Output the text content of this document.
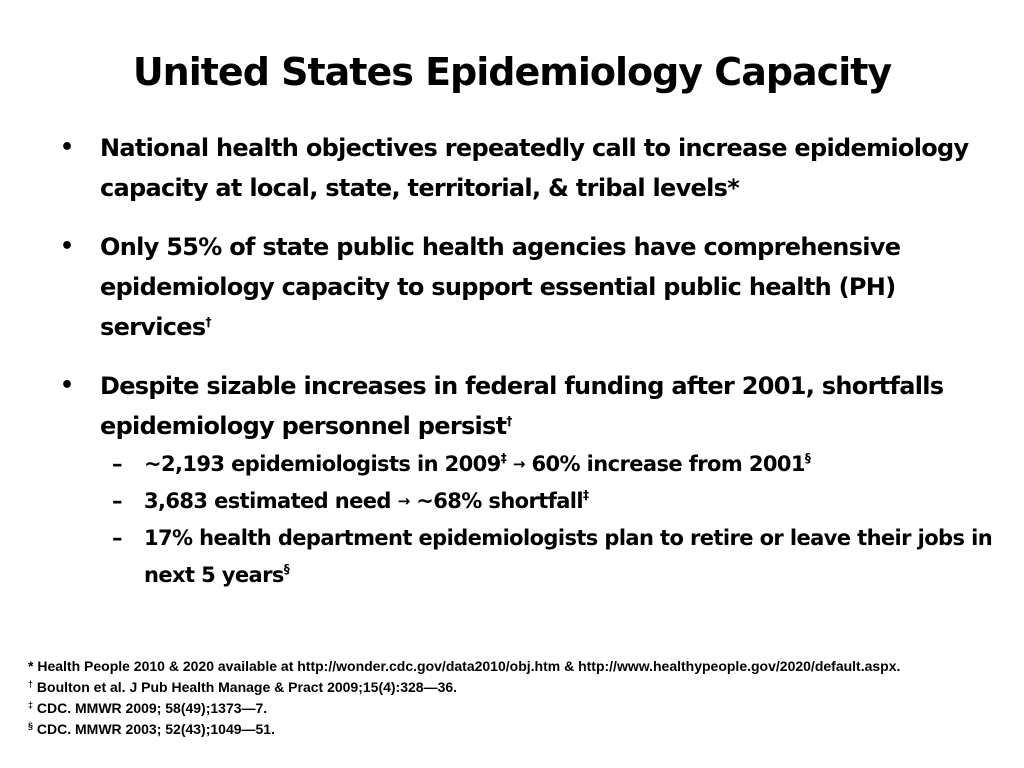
United States Epidemiology Capacity
• National health objectives repeatedly call to increase epidemiology capacity at local, state, territorial, & tribal levels*
• Only 55% of state public health agencies have comprehensive epidemiology capacity to support essential public health (PH) services†
• Despite sizable increases in federal funding after 2001, shortfalls epidemiology personnel persist†
– ~2,193 epidemiologists in 2009‡ → 60% increase from 2001§
– 3,683 estimated need → ~68% shortfall‡
– 17% health department epidemiologists plan to retire or leave their jobs in next 5 years§
* Health People 2010 & 2020 available at http://wonder.cdc.gov/data2010/obj.htm & http://www.healthypeople.gov/2020/default.aspx.
† Boulton et al. J Pub Health Manage & Pract 2009;15(4):328—36.
‡ CDC. MMWR 2009; 58(49);1373—7.
§ CDC. MMWR 2003; 52(43);1049—51.
